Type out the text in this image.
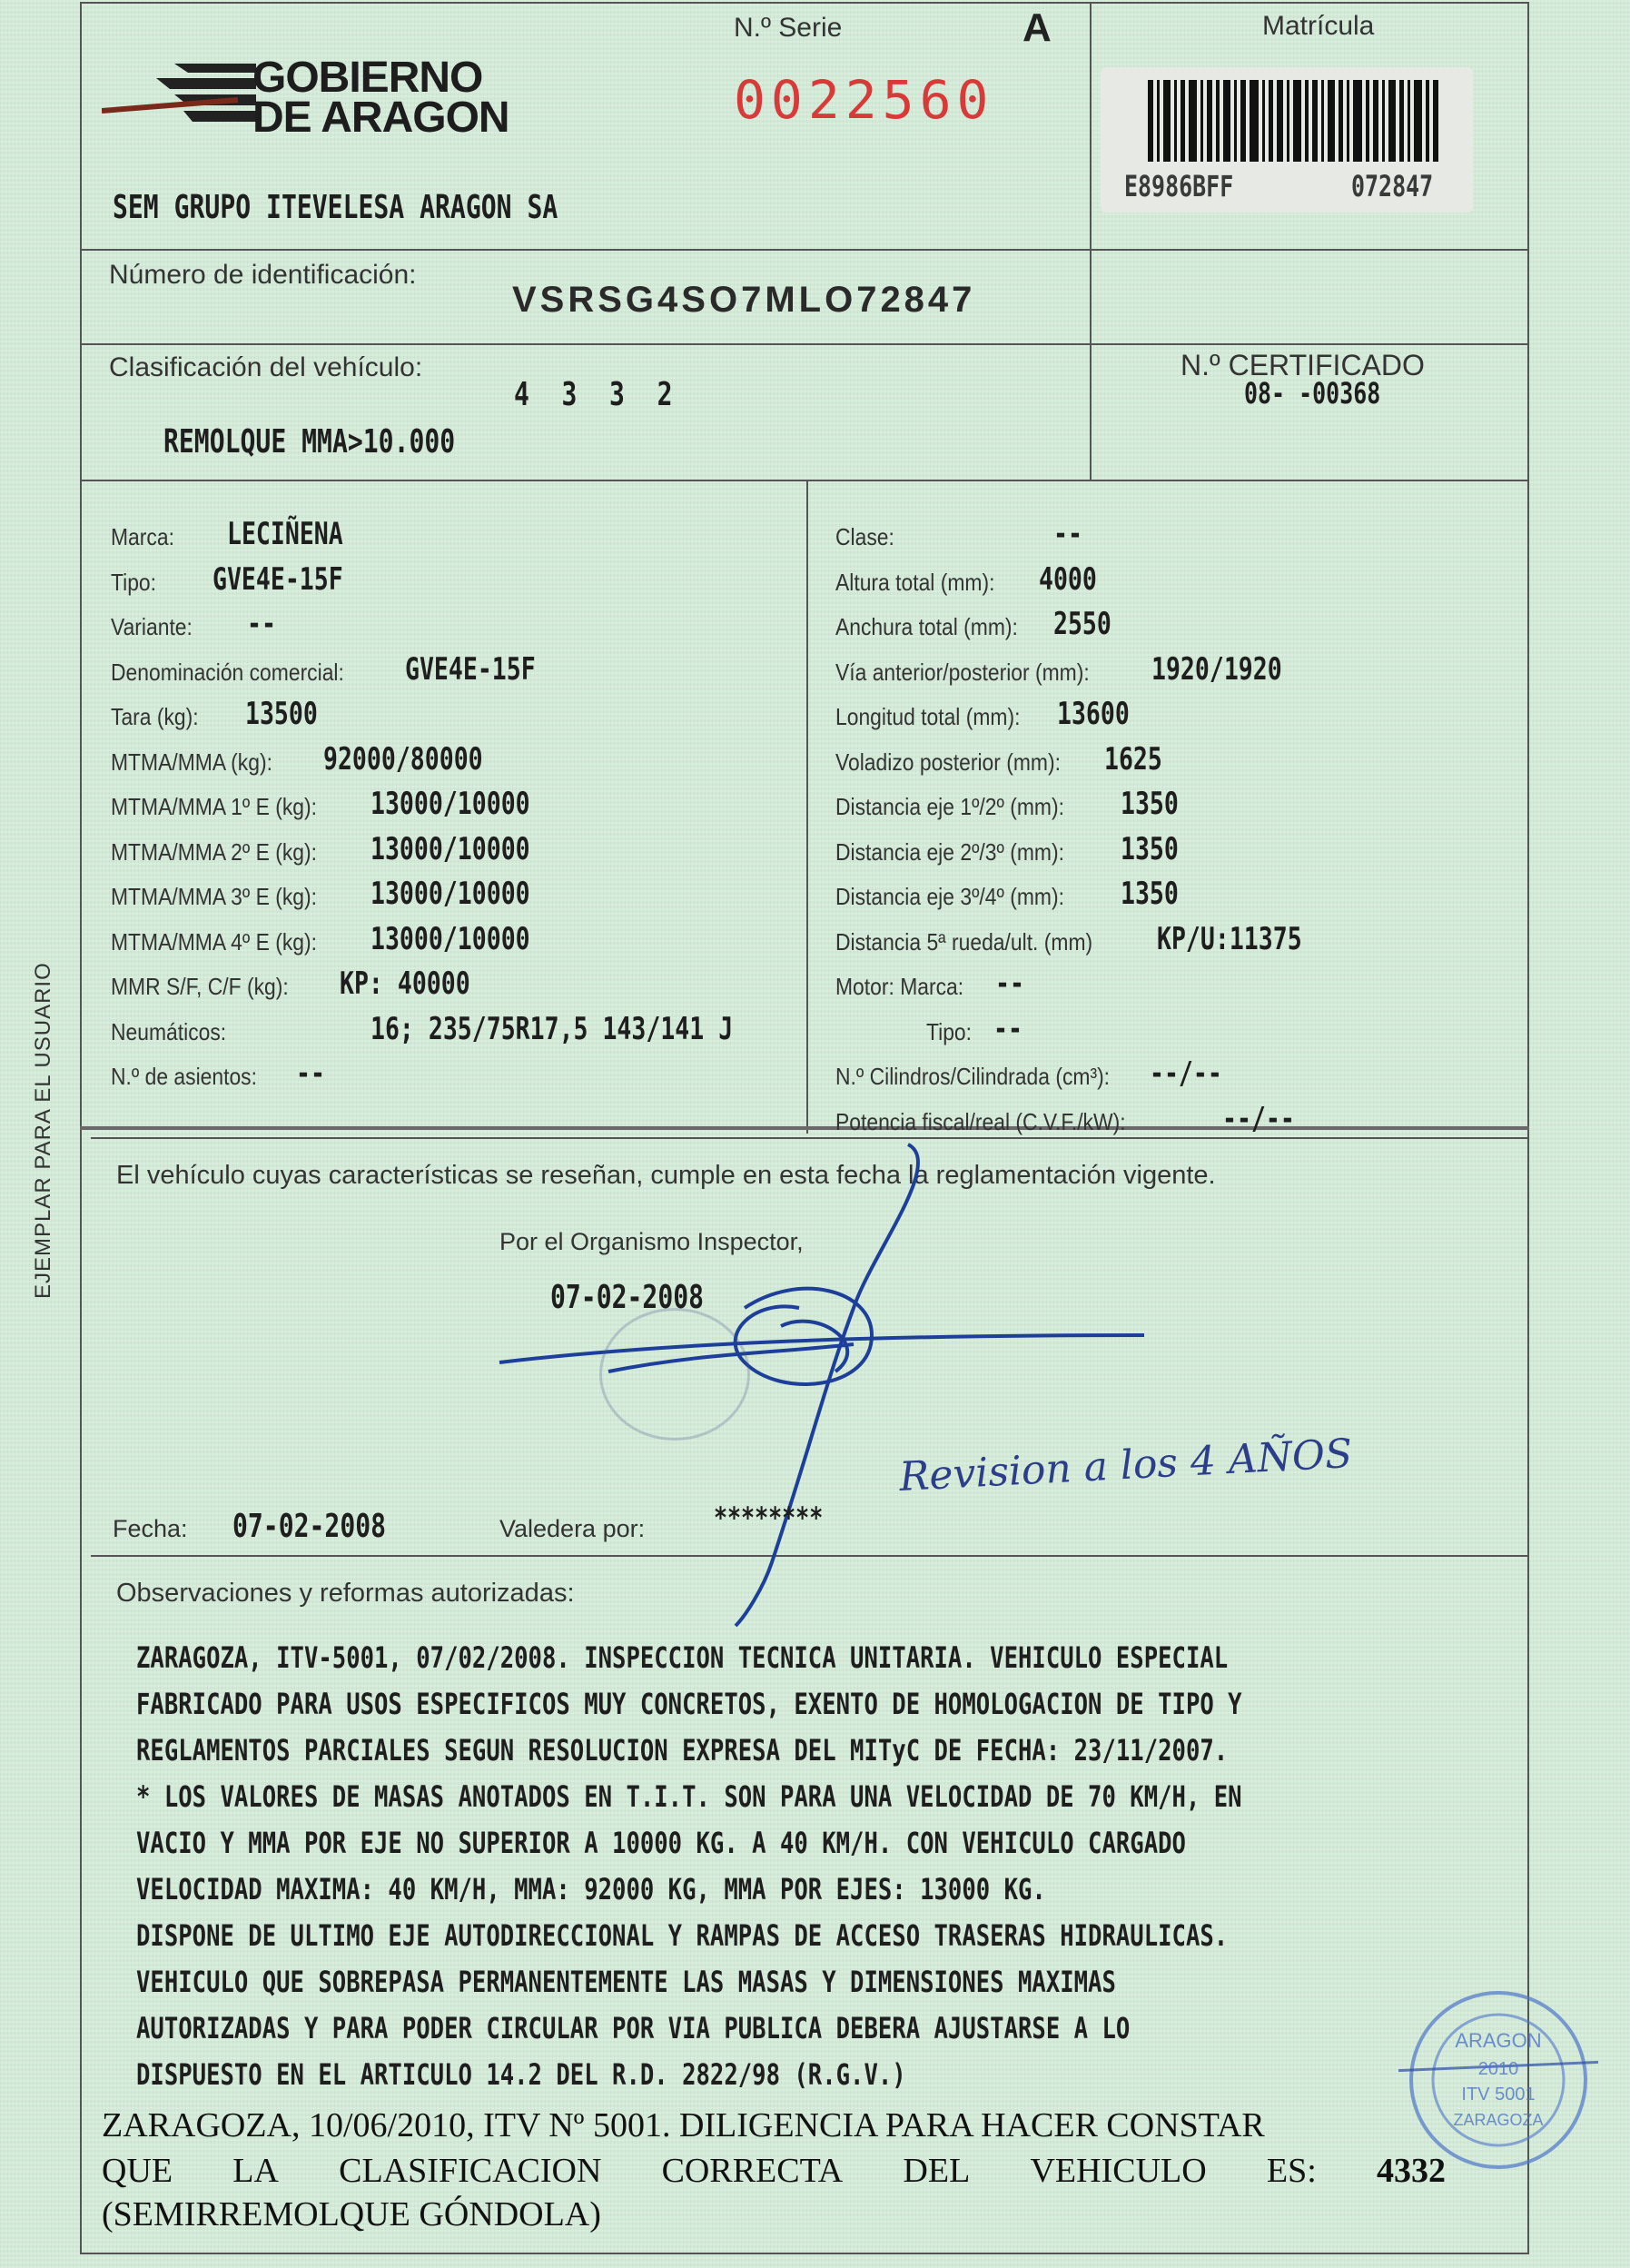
GOBIERNO
DE ARAGON
N.º Serie	A
0022560
Matrícula
E8986BFF	072847
SEM GRUPO ITEVELESA ARAGON SA
Número de identificación:
VSRSG4SO7MLO72847
Clasificación del vehículo:
4 3 3 2
REMOLQUE MMA>10.000
N.º CERTIFICADO
08- -00368
Marca: LECIÑENA
Tipo: GVE4E-15F
Variante: --
Denominación comercial: GVE4E-15F
Tara (kg): 13500
MTMA/MMA (kg): 92000/80000
MTMA/MMA 1º E (kg): 13000/10000
MTMA/MMA 2º E (kg): 13000/10000
MTMA/MMA 3º E (kg): 13000/10000
MTMA/MMA 4º E (kg): 13000/10000
MMR S/F, C/F (kg): KP: 40000
Neumáticos:	16; 235/75R17,5 143/141 J
N.º de asientos: --
Clase:	--
Altura total (mm): 4000
Anchura total (mm): 2550
Vía anterior/posterior (mm): 1920/1920
Longitud total (mm): 13600
Voladizo posterior (mm): 1625
Distancia eje 1º/2º (mm): 1350
Distancia eje 2º/3º (mm): 1350
Distancia eje 3º/4º (mm): 1350
Distancia 5ª rueda/ult. (mm) KP/U:11375
Motor: Marca: --
Tipo: --
N.º Cilindros/Cilindrada (cm³): --/--
Potencia fiscal/real (C.V.F./kW):	--/--
EJEMPLAR PARA EL USUARIO El vehículo cuyas características se reseñan, cumple en esta fecha la reglamentación vigente.
Por el Organismo Inspector,
07-02-2008
Fecha: 07-02-2008	Valedera por: ********
Revision a los 4 AÑOS
Observaciones y reformas autorizadas:
ZARAGOZA, ITV-5001, 07/02/2008. INSPECCION TECNICA UNITARIA. VEHICULO ESPECIAL
FABRICADO PARA USOS ESPECIFICOS MUY CONCRETOS, EXENTO DE HOMOLOGACION DE TIPO Y
REGLAMENTOS PARCIALES SEGUN RESOLUCION EXPRESA DEL MITyC DE FECHA: 23/11/2007.
* LOS VALORES DE MASAS ANOTADOS EN T.I.T. SON PARA UNA VELOCIDAD DE 70 KM/H, EN
VACIO Y MMA POR EJE NO SUPERIOR A 10000 KG. A 40 KM/H. CON VEHICULO CARGADO
VELOCIDAD MAXIMA: 40 KM/H, MMA: 92000 KG, MMA POR EJES: 13000 KG.
DISPONE DE ULTIMO EJE AUTODIRECCIONAL Y RAMPAS DE ACCESO TRASERAS HIDRAULICAS.
VEHICULO QUE SOBREPASA PERMANENTEMENTE LAS MASAS Y DIMENSIONES MAXIMAS
AUTORIZADAS Y PARA PODER CIRCULAR POR VIA PUBLICA DEBERA AJUSTARSE A LO
DISPUESTO EN EL ARTICULO 14.2 DEL R.D. 2822/98 (R.G.V.)
ARAGON
2010
ITV 5001
ZARAGOZA
ZARAGOZA, 10/06/2010, ITV Nº 5001. DILIGENCIA PARA HACER CONSTAR
QUE LA CLASIFICACION CORRECTA DEL VEHICULO ES: 4332
(SEMIRREMOLQUE GÓNDOLA)
